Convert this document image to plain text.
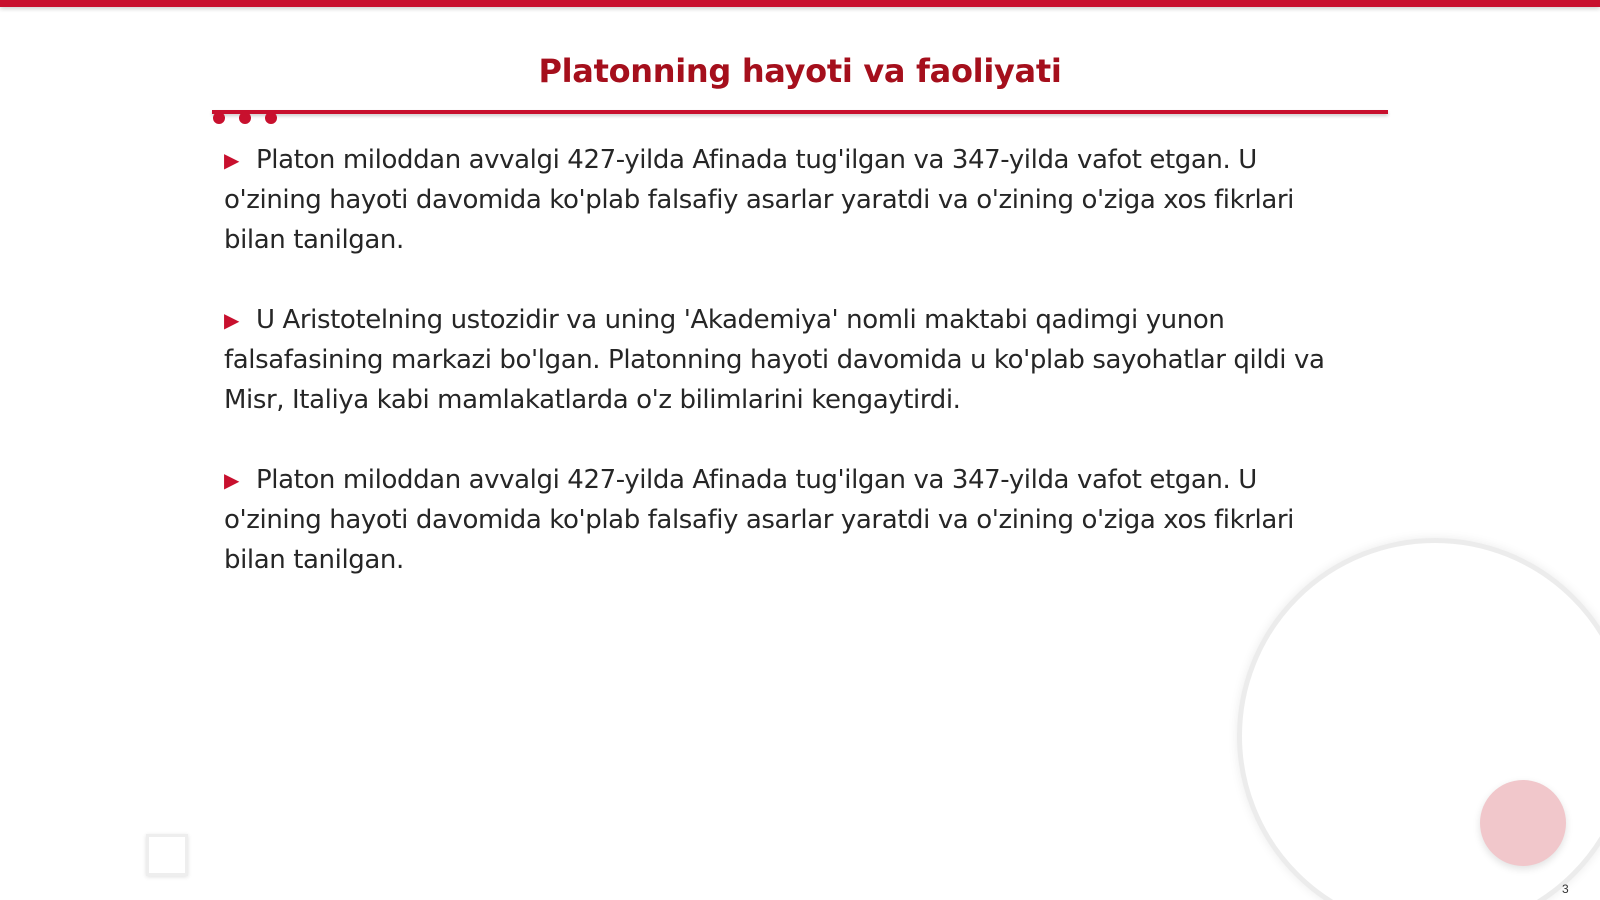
Platonning hayoti va faoliyati

▶ Platon miloddan avvalgi 427-yilda Afinada tug'ilgan va 347-yilda vafot etgan. U o'zining hayoti davomida ko'plab falsafiy asarlar yaratdi va o'zining o'ziga xos fikrlari bilan tanilgan.

▶ U Aristotelning ustozidir va uning 'Akademiya' nomli maktabi qadimgi yunon falsafasining markazi bo'lgan. Platonning hayoti davomida u ko'plab sayohatlar qildi va Misr, Italiya kabi mamlakatlarda o'z bilimlarini kengaytirdi.

▶ Platon miloddan avvalgi 427-yilda Afinada tug'ilgan va 347-yilda vafot etgan. U o'zining hayoti davomida ko'plab falsafiy asarlar yaratdi va o'zining o'ziga xos fikrlari bilan tanilgan.

3
